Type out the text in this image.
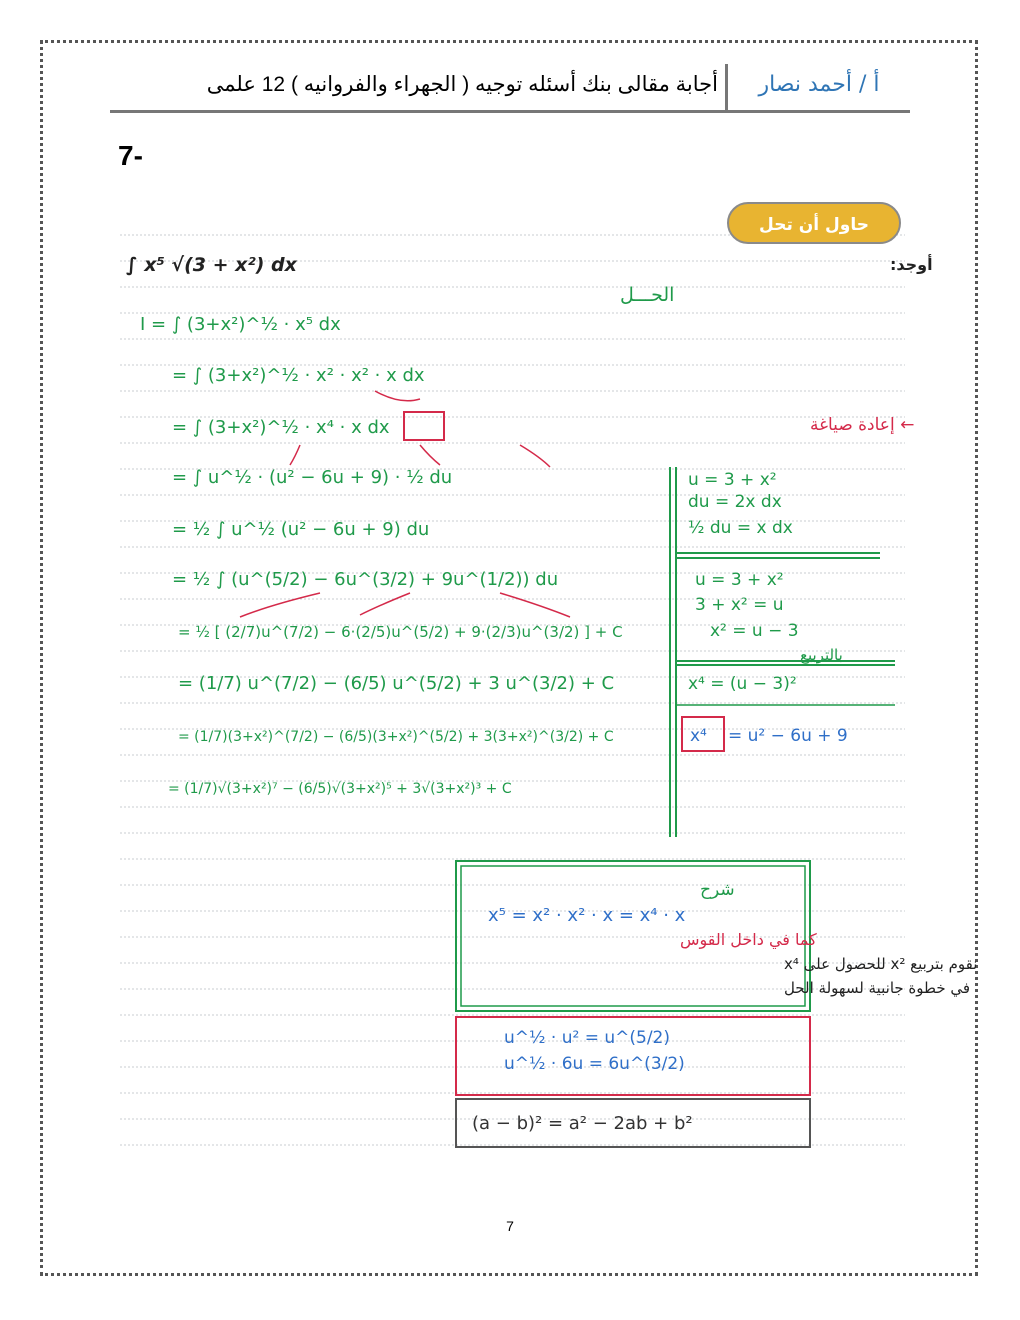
أ / أحمد نصار
أجابة مقالى بنك أسئله توجيه ( الجهراء والفروانيه ) 12 علمى
7-
حاول أن تحل
أوجد:
∫ x⁵ √(3 + x²) dx
الحـــل
I = ∫ (3+x²)^½ · x⁵ dx
= ∫ (3+x²)^½ · x² · x² · x dx
= ∫ (3+x²)^½ · x⁴ · x dx
= ∫ u^½ · (u² − 6u + 9) · ½ du
= ½ ∫ u^½ (u² − 6u + 9) du
= ½ ∫ (u^(5/2) − 6u^(3/2) + 9u^(1/2)) du
= ½ [ (2/7)u^(7/2) − 6·(2/5)u^(5/2) + 9·(2/3)u^(3/2) ] + C
= (1/7) u^(7/2) − (6/5) u^(5/2) + 3 u^(3/2) + C
= (1/7)(3+x²)^(7/2) − (6/5)(3+x²)^(5/2) + 3(3+x²)^(3/2) + C
= (1/7)√(3+x²)⁷ − (6/5)√(3+x²)⁵ + 3√(3+x²)³ + C
← إعادة صياغة
u = 3 + x²
du = 2x dx
½ du = x dx
u = 3 + x²
3 + x² = u
x² = u − 3
بالتربيع
x⁴ = (u − 3)²
x⁴ = u² − 6u + 9
شرح
x⁵ = x² · x² · x = x⁴ · x
كما في داخل القوس
نقوم بتربيع x² للحصول على x⁴
في خطوة جانبية لسهولة الحل
u^½ · u² = u^(5/2)
u^½ · 6u = 6u^(3/2)
(a − b)² = a² − 2ab + b²
7
